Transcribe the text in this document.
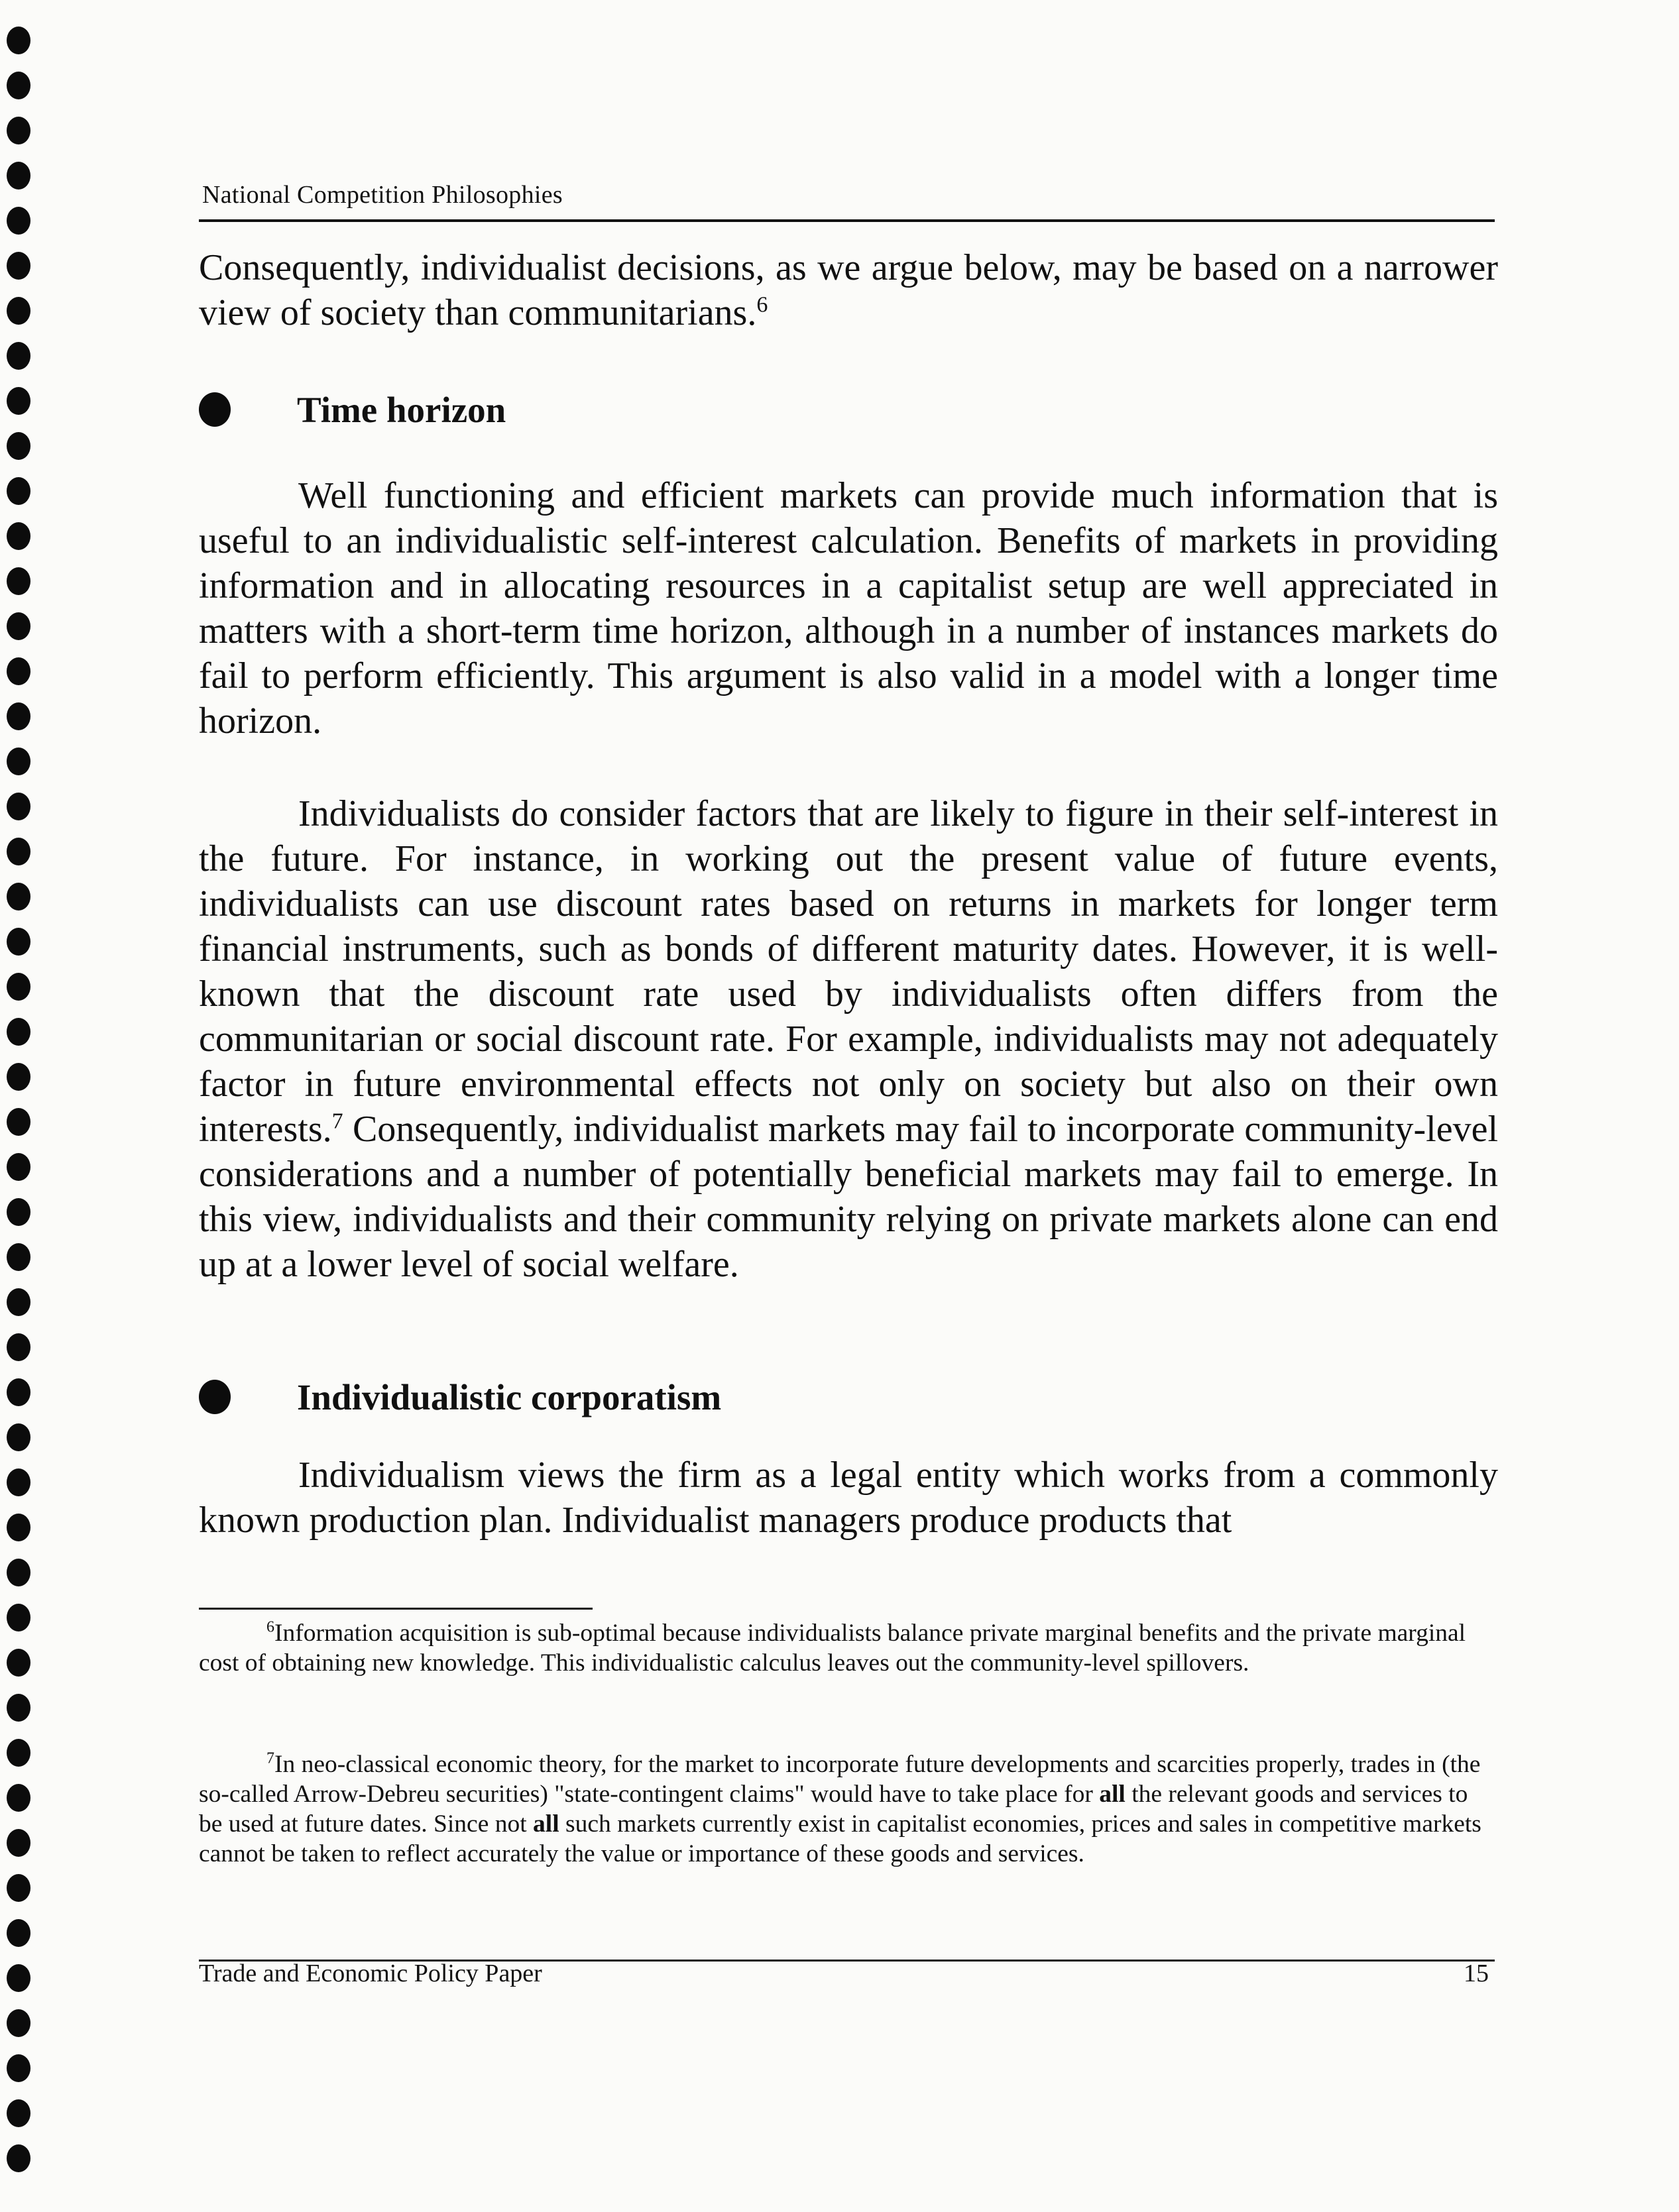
National Competition Philosophies

Consequently, individualist decisions, as we argue below, may be based on a narrower view of society than communitarians.$^6$

Time horizon

Well functioning and efficient markets can provide much information that is useful to an individualistic self-interest calculation. Benefits of markets in providing information and in allocating resources in a capitalist setup are well appreciated in matters with a short-term time horizon, although in a number of instances markets do fail to perform efficiently. This argument is also valid in a model with a longer time horizon.

Individualists do consider factors that are likely to figure in their self-interest in the future. For instance, in working out the present value of future events, individualists can use discount rates based on returns in markets for longer term financial instruments, such as bonds of different maturity dates. However, it is well-known that the discount rate used by individualists often differs from the communitarian or social discount rate. For example, individualists may not adequately factor in future environmental effects not only on society but also on their own interests.$^7$ Consequently, individualist markets may fail to incorporate community-level considerations and a number of potentially beneficial markets may fail to emerge. In this view, individualists and their community relying on private markets alone can end up at a lower level of social welfare.

Individualistic corporatism

Individualism views the firm as a legal entity which works from a commonly known production plan. Individualist managers produce products that

$^6$Information acquisition is sub-optimal because individualists balance private marginal benefits and the private marginal cost of obtaining new knowledge. This individualistic calculus leaves out the community-level spillovers.

$^7$In neo-classical economic theory, for the market to incorporate future developments and scarcities properly, trades in (the so-called Arrow-Debreu securities) "state-contingent claims" would have to take place for all the relevant goods and services to be used at future dates. Since not all such markets currently exist in capitalist economies, prices and sales in competitive markets cannot be taken to reflect accurately the value or importance of these goods and services.

Trade and Economic Policy Paper	15
